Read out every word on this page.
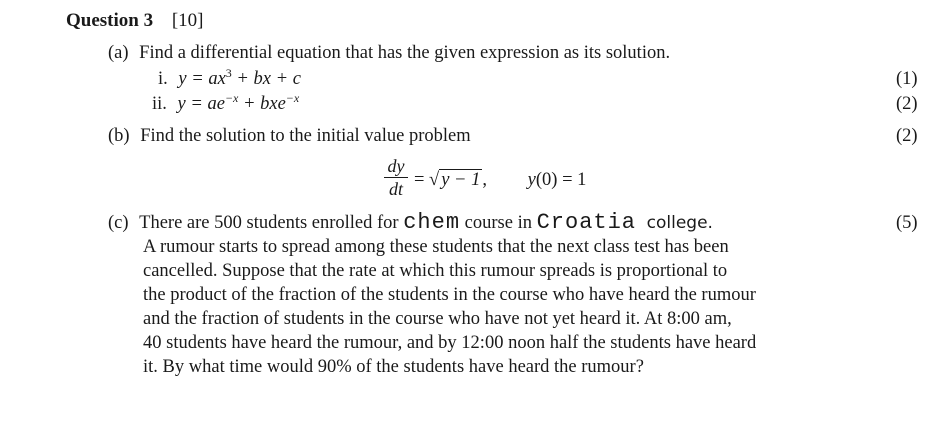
Question 3 [10]
(a) Find a differential equation that has the given expression as its solution.
i. $y = ax^3$ + bx + c	(1)
ii. $y = ae^{-x} + bxe^{-x}$	(2)
(b) Find the solution to the initial value problem	(2)
dy
dt = √ y − 1 , y(0) = 1
(c) There are 500 students enrolled for chem course in Croatia college.	(5)
A rumour starts to spread among these students that the next class test has been
cancelled. Suppose that the rate at which this rumour spreads is proportional to
the product of the fraction of the students in the course who have heard the rumour
and the fraction of students in the course who have not yet heard it. At 8:00 am,
40 students have heard the rumour, and by 12:00 noon half the students have heard
it. By what time would 90% of the students have heard the rumour?
